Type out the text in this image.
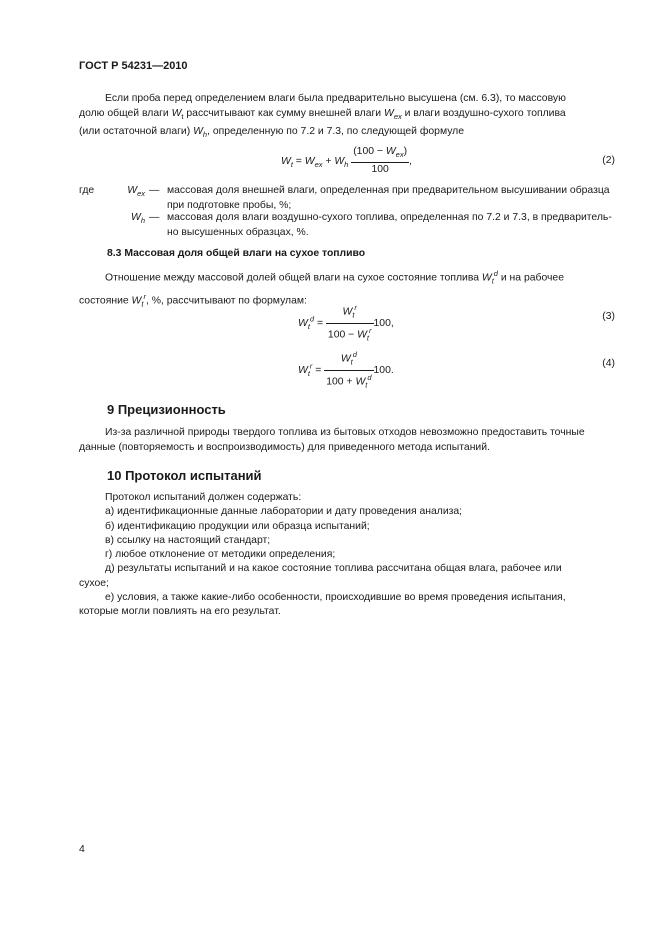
ГОСТ Р 54231—2010
Если проба перед определением влаги была предварительно высушена (см. 6.3), то массовую
долю общей влаги $W_t$ рассчитывают как сумму внешней влаги $W_{ex}$ и влаги воздушно-сухого топлива
(или остаточной влаги) $W_h$, определенную по 7.2 и 7.3, по следующей формуле
$W_t = W_{ex} + W_h \frac{(100 - W_{ex})}{100}$ ,	(2)
где	$W_{ex}$ — массовая доля внешней влаги, определенная при предварительном высушивании образца
при подготовке пробы, %;
$W_h$ — массовая доля влаги воздушно-сухого топлива, определенная по 7.2 и 7.3, в предваритель-
но высушенных образцах, %.
8.3 Массовая доля общей влаги на сухое топливо
Отношение между массовой долей общей влаги на сухое состояние топлива $W_t^d$ и на рабочее
состояние $W_t^r$, %, рассчитывают по формулам:
$W_t^d = \frac{W_t^r}{100 - W_t^r} 100$,
(3)
$W_t^r = \frac{W_t^d}{100 + W_t^d} 100$.
(4)
9 Прецизионность
Из-за различной природы твердого топлива из бытовых отходов невозможно предоставить точные
данные (повторяемость и воспроизводимость) для приведенного метода испытаний.
10 Протокол испытаний
Протокол испытаний должен содержать:
а) идентификационные данные лаборатории и дату проведения анализа;
б) идентификацию продукции или образца испытаний;
в) ссылку на настоящий стандарт;
г) любое отклонение от методики определения;
д) результаты испытаний и на какое состояние топлива рассчитана общая влага, рабочее или
сухое;
е) условия, а также какие-либо особенности, происходившие во время проведения испытания,
которые могли повлиять на его результат.
4
